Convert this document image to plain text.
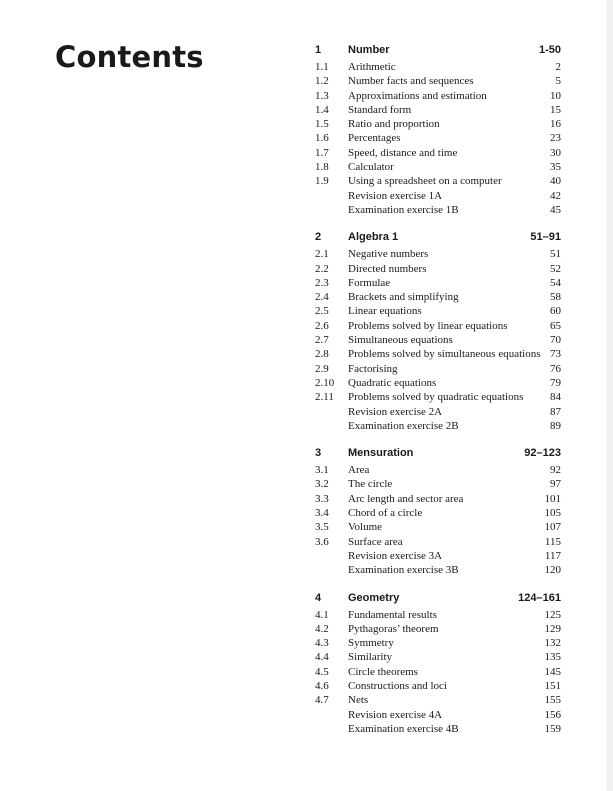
Contents	1	Number	1-50
1.1	Arithmetic	2
1.2	Number facts and sequences	5
1.3	Approximations and estimation	10
1.4	Standard form	15
1.5	Ratio and proportion	16
1.6	Percentages	23
1.7	Speed, distance and time	30
1.8	Calculator	35
1.9	Using a spreadsheet on a computer	40
Revision exercise 1A	42
Examination exercise 1B	45
2	Algebra 1	51–91
2.1	Negative numbers	51
2.2	Directed numbers	52
2.3	Formulae	54
2.4	Brackets and simplifying	58
2.5	Linear equations	60
2.6	Problems solved by linear equations	65
2.7	Simultaneous equations	70
2.8	Problems solved by simultaneous equations 73
2.9	Factorising	76
2.10	Quadratic equations	79
2.11	Problems solved by quadratic equations	84
Revision exercise 2A	87
Examination exercise 2B	89
3	Mensuration	92–123
3.1	Area	92
3.2	The circle	97
3.3	Arc length and sector area	101
3.4	Chord of a circle	105
3.5	Volume	107
3.6	Surface area	115
Revision exercise 3A	117
Examination exercise 3B	120
4	Geometry	124–161
4.1	Fundamental results	125
4.2	Pythagoras’ theorem	129
4.3	Symmetry	132
4.4	Similarity	135
4.5	Circle theorems	145
4.6	Constructions and loci	151
4.7	Nets	155
Revision exercise 4A	156
Examination exercise 4B	159
